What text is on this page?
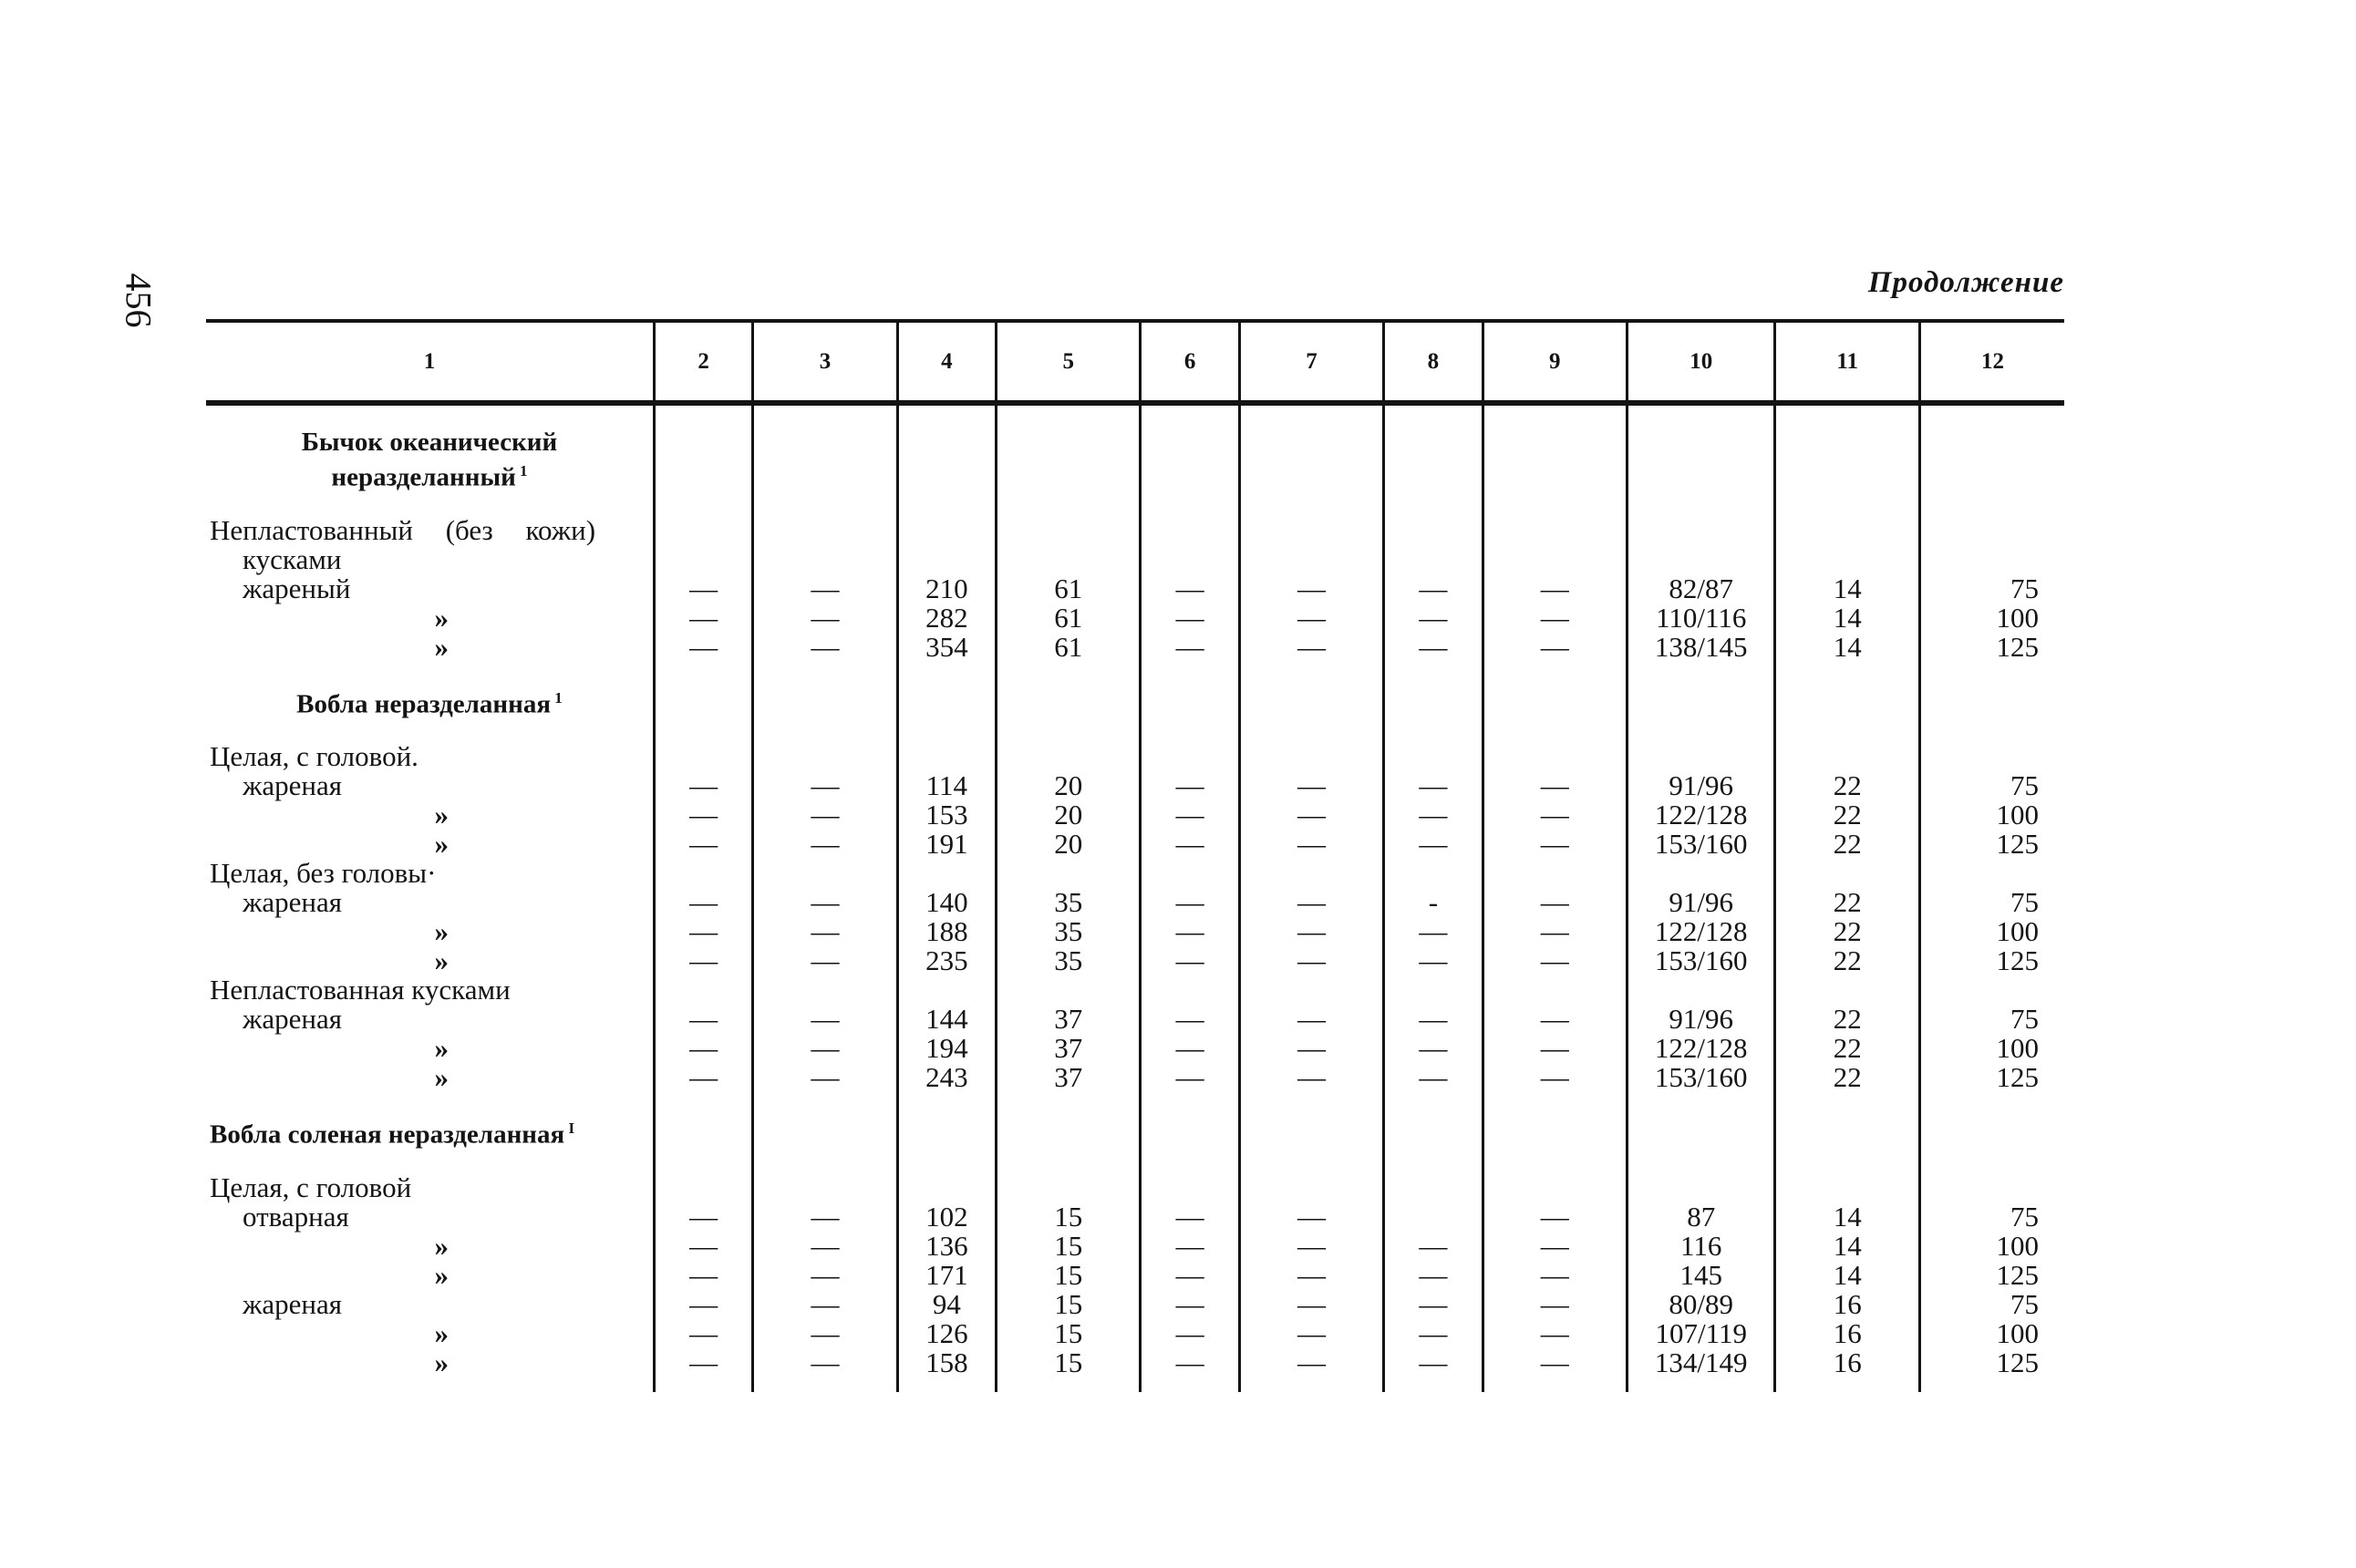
456	Продолжение
1	2	3	4	5	6	7	8	9	10	11	12

Бычок океанический
неразделанный $^1$

Непластованный (без кожи)
кусками											

жареный	—	—	210	61	—	—	—	—	82/87	14	75

»	—	—	282	61	—	—	—	—	110/116	14	100

»	—	—	354	61	—	—	—	—	138/145	14	125

Вобла неразделанная $^1$

Целая, с головой.											

жареная	—	—	114	20	—	—	—	—	91/96	22	75

»	—	—	153	20	—	—	—	—	122/128	22	100

»	—	—	191	20	—	—	—	—	153/160	22	125

Целая, без головы·											

жареная	—	—	140	35	—	—	-	—	91/96	22	75

»	—	—	188	35	—	—	—	—	122/128	22	100

»	—	—	235	35	—	—	—	—	153/160	22	125

Непластованная кусками											

жареная	—	—	144	37	—	—	—	—	91/96	22	75

»	—	—	194	37	—	—	—	—	122/128	22	100

»	—	—	243	37	—	—	—	—	153/160	22	125

Вобла соленая неразделанная $^I$

Целая, с головой											

отварная	—	—	102	15	—	—		—	87	14	75

»	—	—	136	15	—	—	—	—	116	14	100

»	—	—	171	15	—	—	—	—	145	14	125

жареная	—	—	94	15	—	—	—	—	80/89	16	75

»	—	—	126	15	—	—	—	—	107/119	16	100

»	—	—	158	15	—	—	—	—	134/149	16	125
